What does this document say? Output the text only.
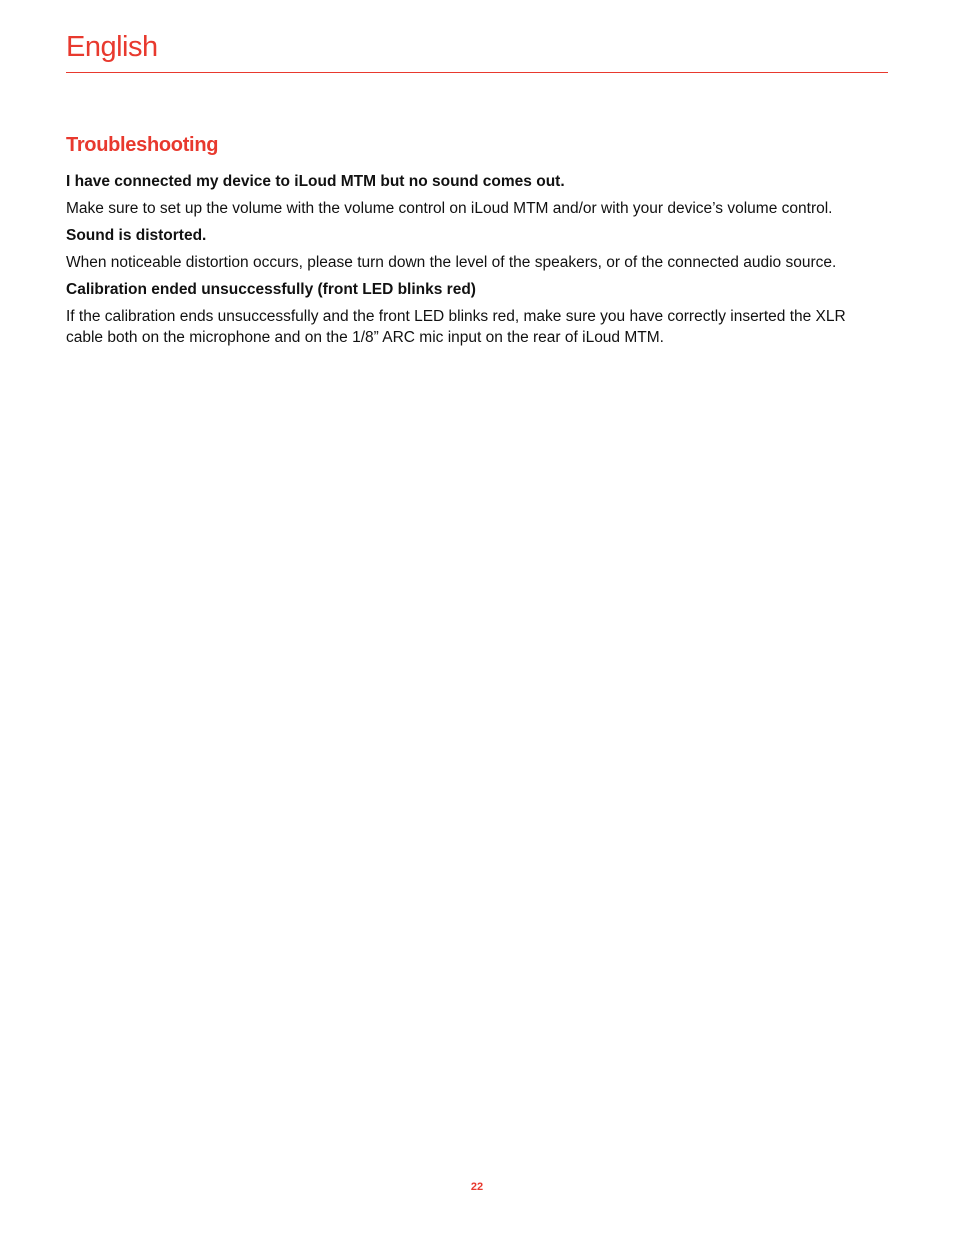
English
Troubleshooting

I have connected my device to iLoud MTM but no sound comes out.

Make sure to set up the volume with the volume control on iLoud MTM and/or with your device’s volume control.

Sound is distorted.

When noticeable distortion occurs, please turn down the level of the speakers, or of the connected audio source.

Calibration ended unsuccessfully (front LED blinks red)

If the calibration ends unsuccessfully and the front LED blinks red, make sure you have correctly inserted the XLR cable both on the microphone and on the 1/8” ARC mic input on the rear of iLoud MTM.

22
